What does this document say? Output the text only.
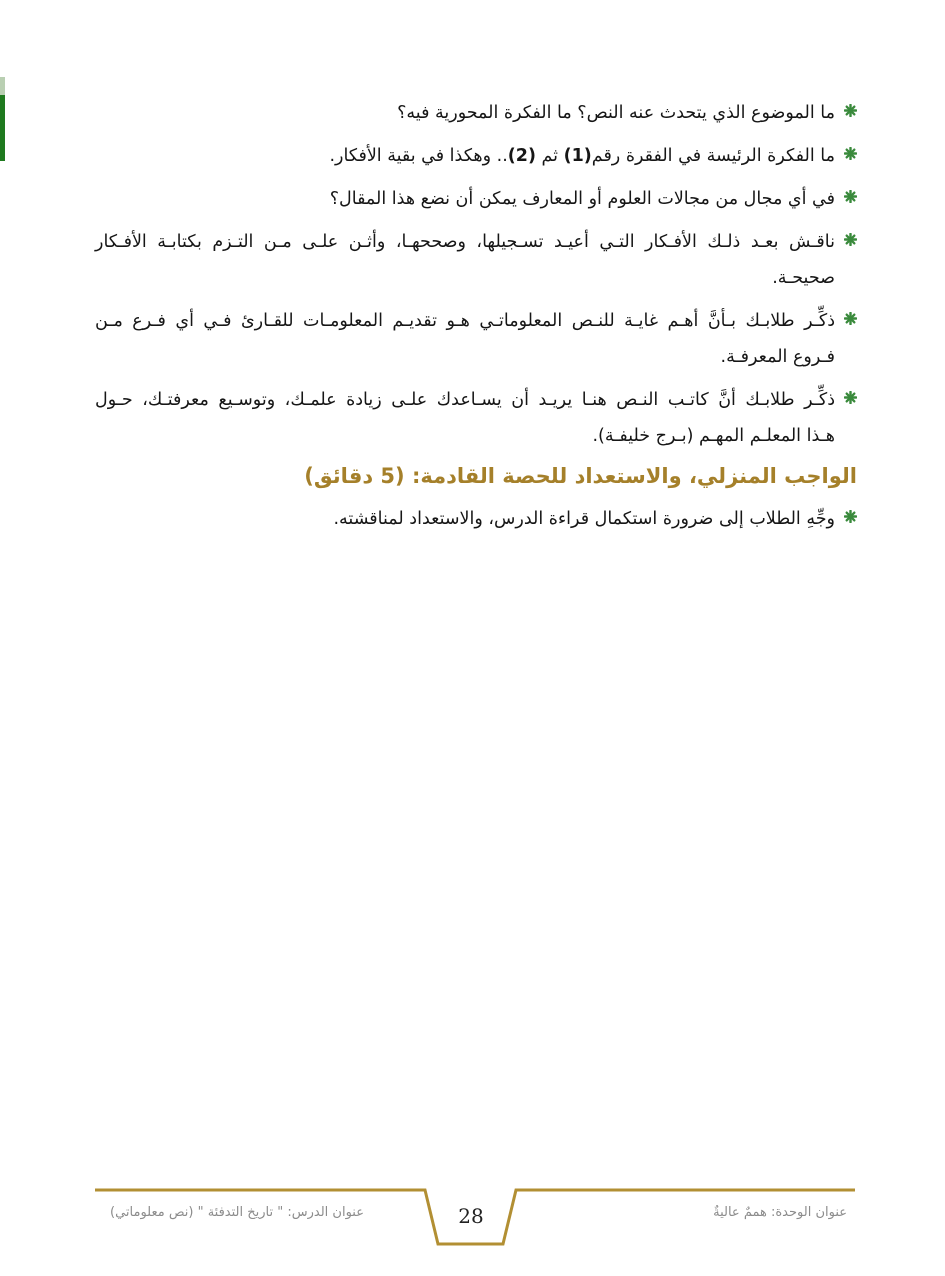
ما الموضوع الذي يتحدث عنه النص؟ ما الفكرة المحورية فيه؟
ما الفكرة الرئيسة في الفقرة رقم(1) ثم (2).. وهكذا في بقية الأفكار.
في أي مجال من مجالات العلوم أو المعارف يمكن أن نضع هذا المقال؟
ناقـش بعـد ذلـك الأفـكار التـي أعيـد تسـجيلها، وصححهـا، وأثـن علـى مـن التـزم بكتابـة الأفـكار
صحيحـة.
ذكِّـر طلابـك بـأنَّ أهـم غايـة للنـص المعلوماتـي هـو تقديـم المعلومـات للقـارئ فـي أي فـرع مـن
فـروع المعرفـة.
ذكِّـر طلابـك أنَّ كاتـب النـص هنـا يريـد أن يسـاعدك علـى زيادة علمـك، وتوسـيع معرفتـك، حـول
هـذا المعلـم المهـم (بـرج خليفـة).
الواجب المنزلي، والاستعداد للحصة القادمة: (5 دقائق)
وجِّهِ الطلاب إلى ضرورة استكمال قراءة الدرس، والاستعداد لمناقشته.
28
عنوان الدرس: " تاريخ التدفئة " (نص معلوماتي)	عنوان الوحدة: هممٌ عاليةٌ
